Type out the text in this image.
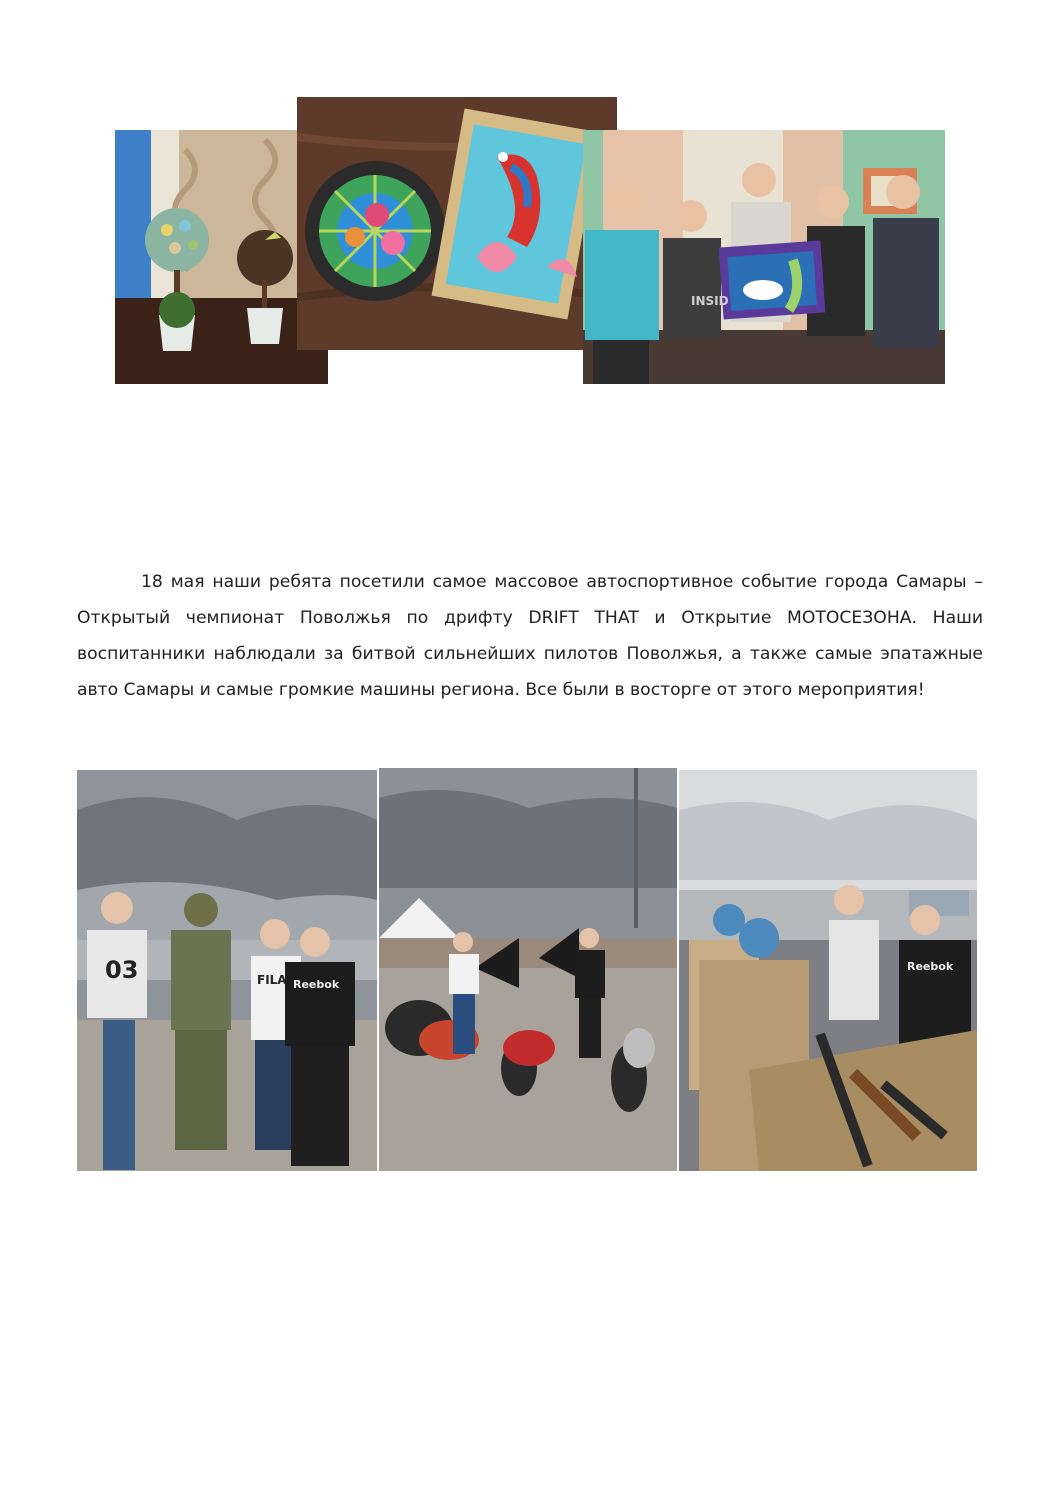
INSID
18 мая наши ребята посетили самое массовое автоспортивное событие города Самары – Открытый чемпионат Поволжья по дрифту DRIFT THAT и Открытие МОТОСЕЗОНА. Наши воспитанники наблюдали за битвой сильнейших пилотов Поволжья, а также самые эпатажные авто Самары и самые громкие машины региона. Все были в восторге от этого мероприятия!
03	FILA Reebok
Reebok
